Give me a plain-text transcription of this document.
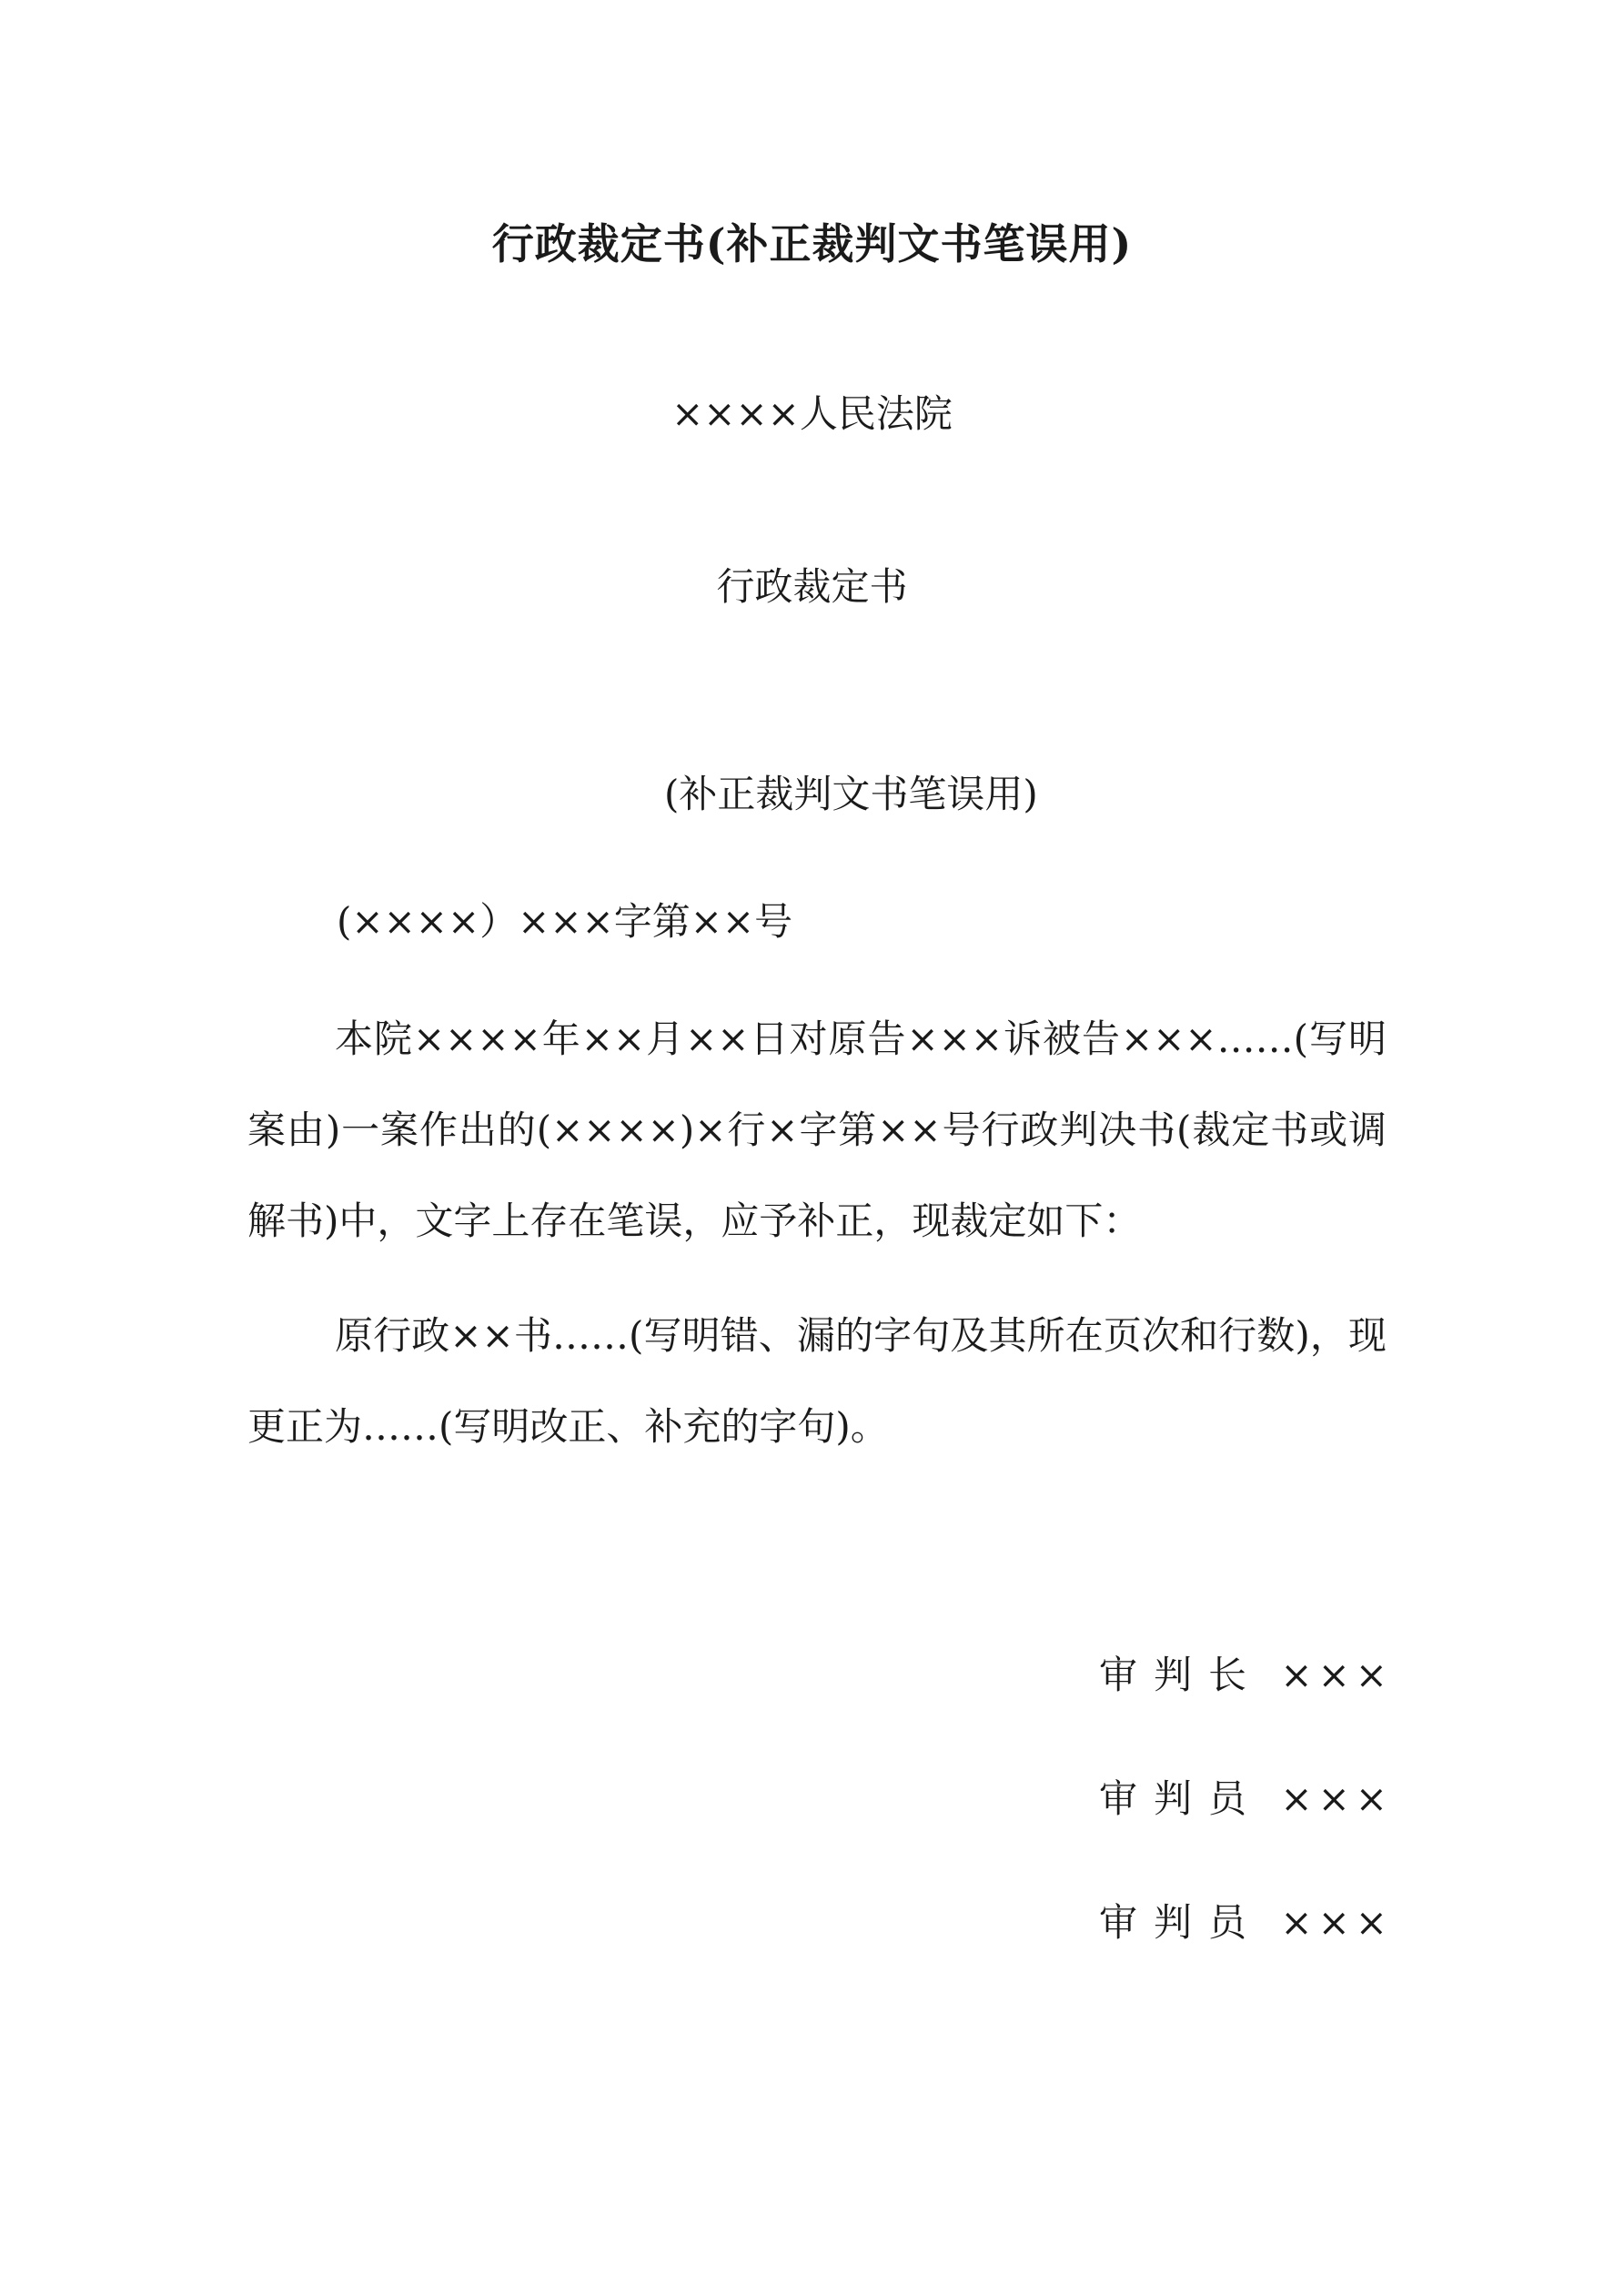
行政裁定书(补正裁判文书笔误用)

××××人民法院

行政裁定书

(补正裁判文书笔误用)

(××××）×××字第××号

本院××××年××月××日对原告×××诉被告×××……(写明案由)一案作出的(××××)×行×字第××号行政判决书(裁定书或调解书)中，文字上存在笔误，应予补正，现裁定如下：

原行政××书……(写明错、漏的字句及其所在页次和行数)，现更正为……(写明改正、补充的字句)。

审判长 ×××

审判员 ×××

审判员 ×××
